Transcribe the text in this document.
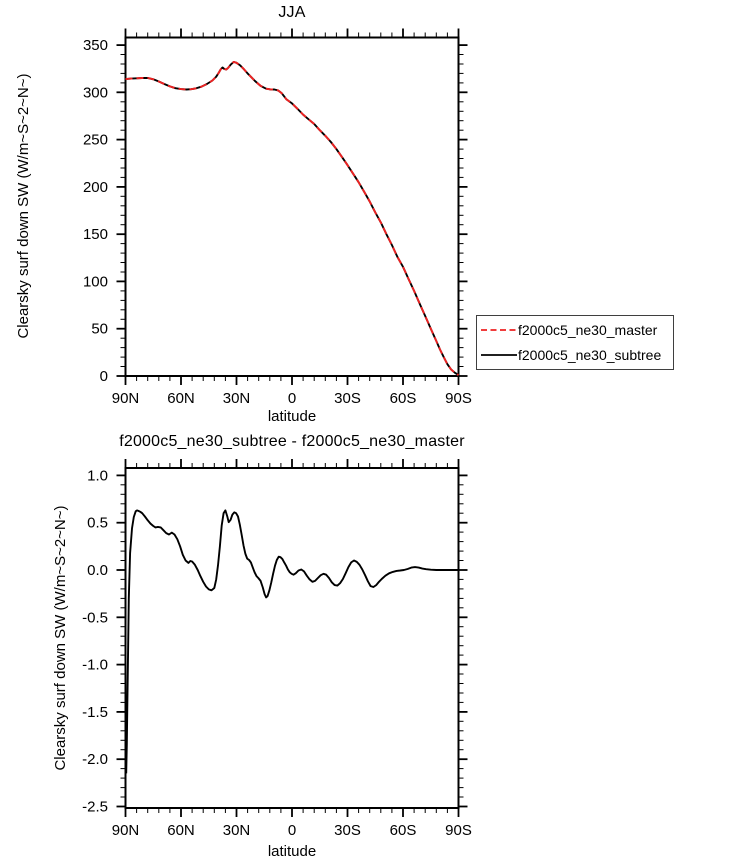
90N 60N 30N	0	30S 60S 90S
0
50
100
150
200
250
300
350
90N 60N 30N	0	30S 60S 90S
1.0
0.5
0.0
-0.5
-1.0
-1.5
-2.0
-2.5
JJA
Clearsky surf down SW (W/m~S~2~N~)
latitude
f2000c5_ne30_subtree - f2000c5_ne30_master
Clearsky surf down SW (W/m~S~2~N~)
latitude
f2000c5_ne30_master
f2000c5_ne30_subtree
